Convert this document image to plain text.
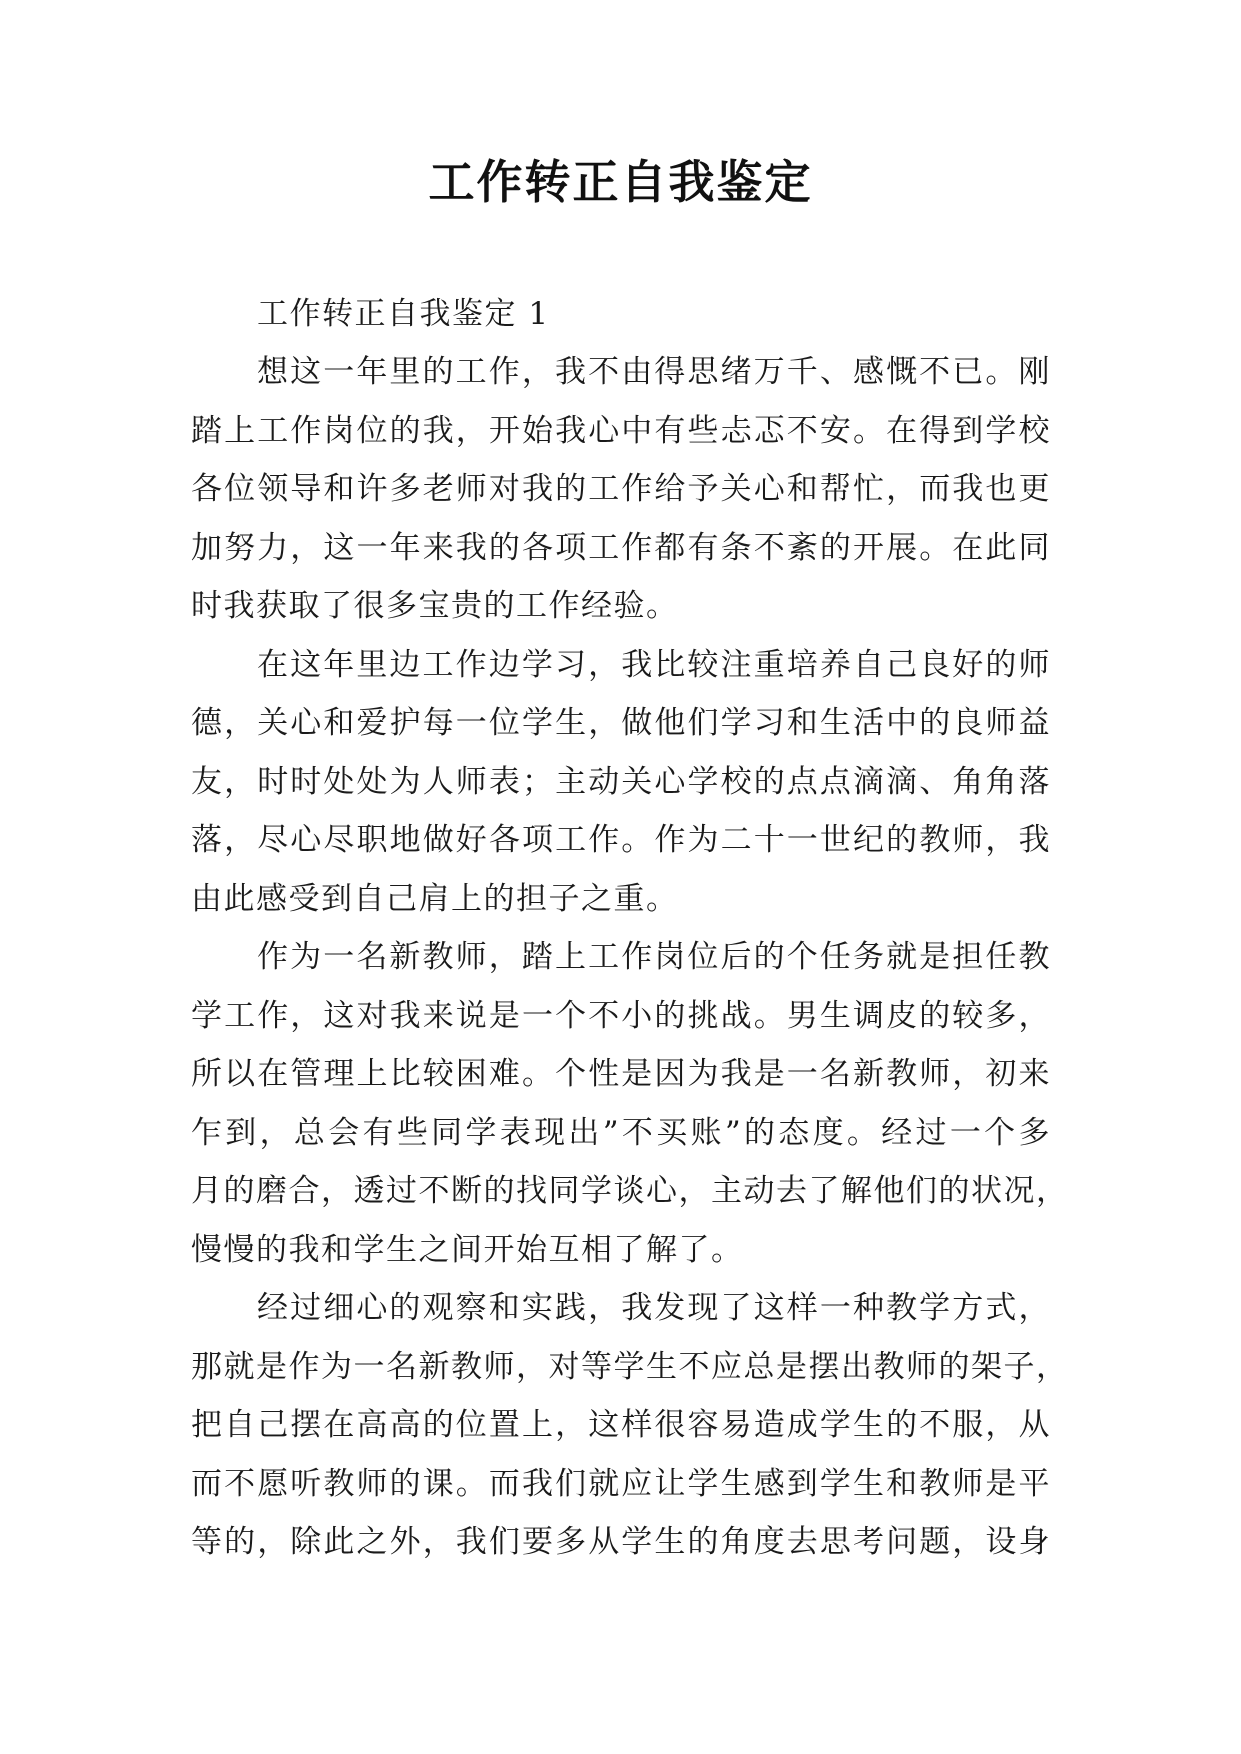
工作转正自我鉴定

工作转正自我鉴定 1

想这一年里的工作，我不由得思绪万千、感慨不已。刚
踏上工作岗位的我，开始我心中有些忐忑不安。在得到学校
各位领导和许多老师对我的工作给予关心和帮忙，而我也更
加努力，这一年来我的各项工作都有条不紊的开展。在此同
时我获取了很多宝贵的工作经验。
在这年里边工作边学习，我比较注重培养自己良好的师
德，关心和爱护每一位学生，做他们学习和生活中的良师益
友，时时处处为人师表；主动关心学校的点点滴滴、角角落
落，尽心尽职地做好各项工作。作为二十一世纪的教师，我
由此感受到自己肩上的担子之重。
作为一名新教师，踏上工作岗位后的个任务就是担任教
学工作，这对我来说是一个不小的挑战。男生调皮的较多，
所以在管理上比较困难。个性是因为我是一名新教师，初来
乍到，总会有些同学表现出”不买账”的态度。经过一个多
月的磨合，透过不断的找同学谈心，主动去了解他们的状况，
慢慢的我和学生之间开始互相了解了。
经过细心的观察和实践，我发现了这样一种教学方式，
那就是作为一名新教师，对等学生不应总是摆出教师的架子，
把自己摆在高高的位置上，这样很容易造成学生的不服，从
而不愿听教师的课。而我们就应让学生感到学生和教师是平
等的，除此之外，我们要多从学生的角度去思考问题，设身
